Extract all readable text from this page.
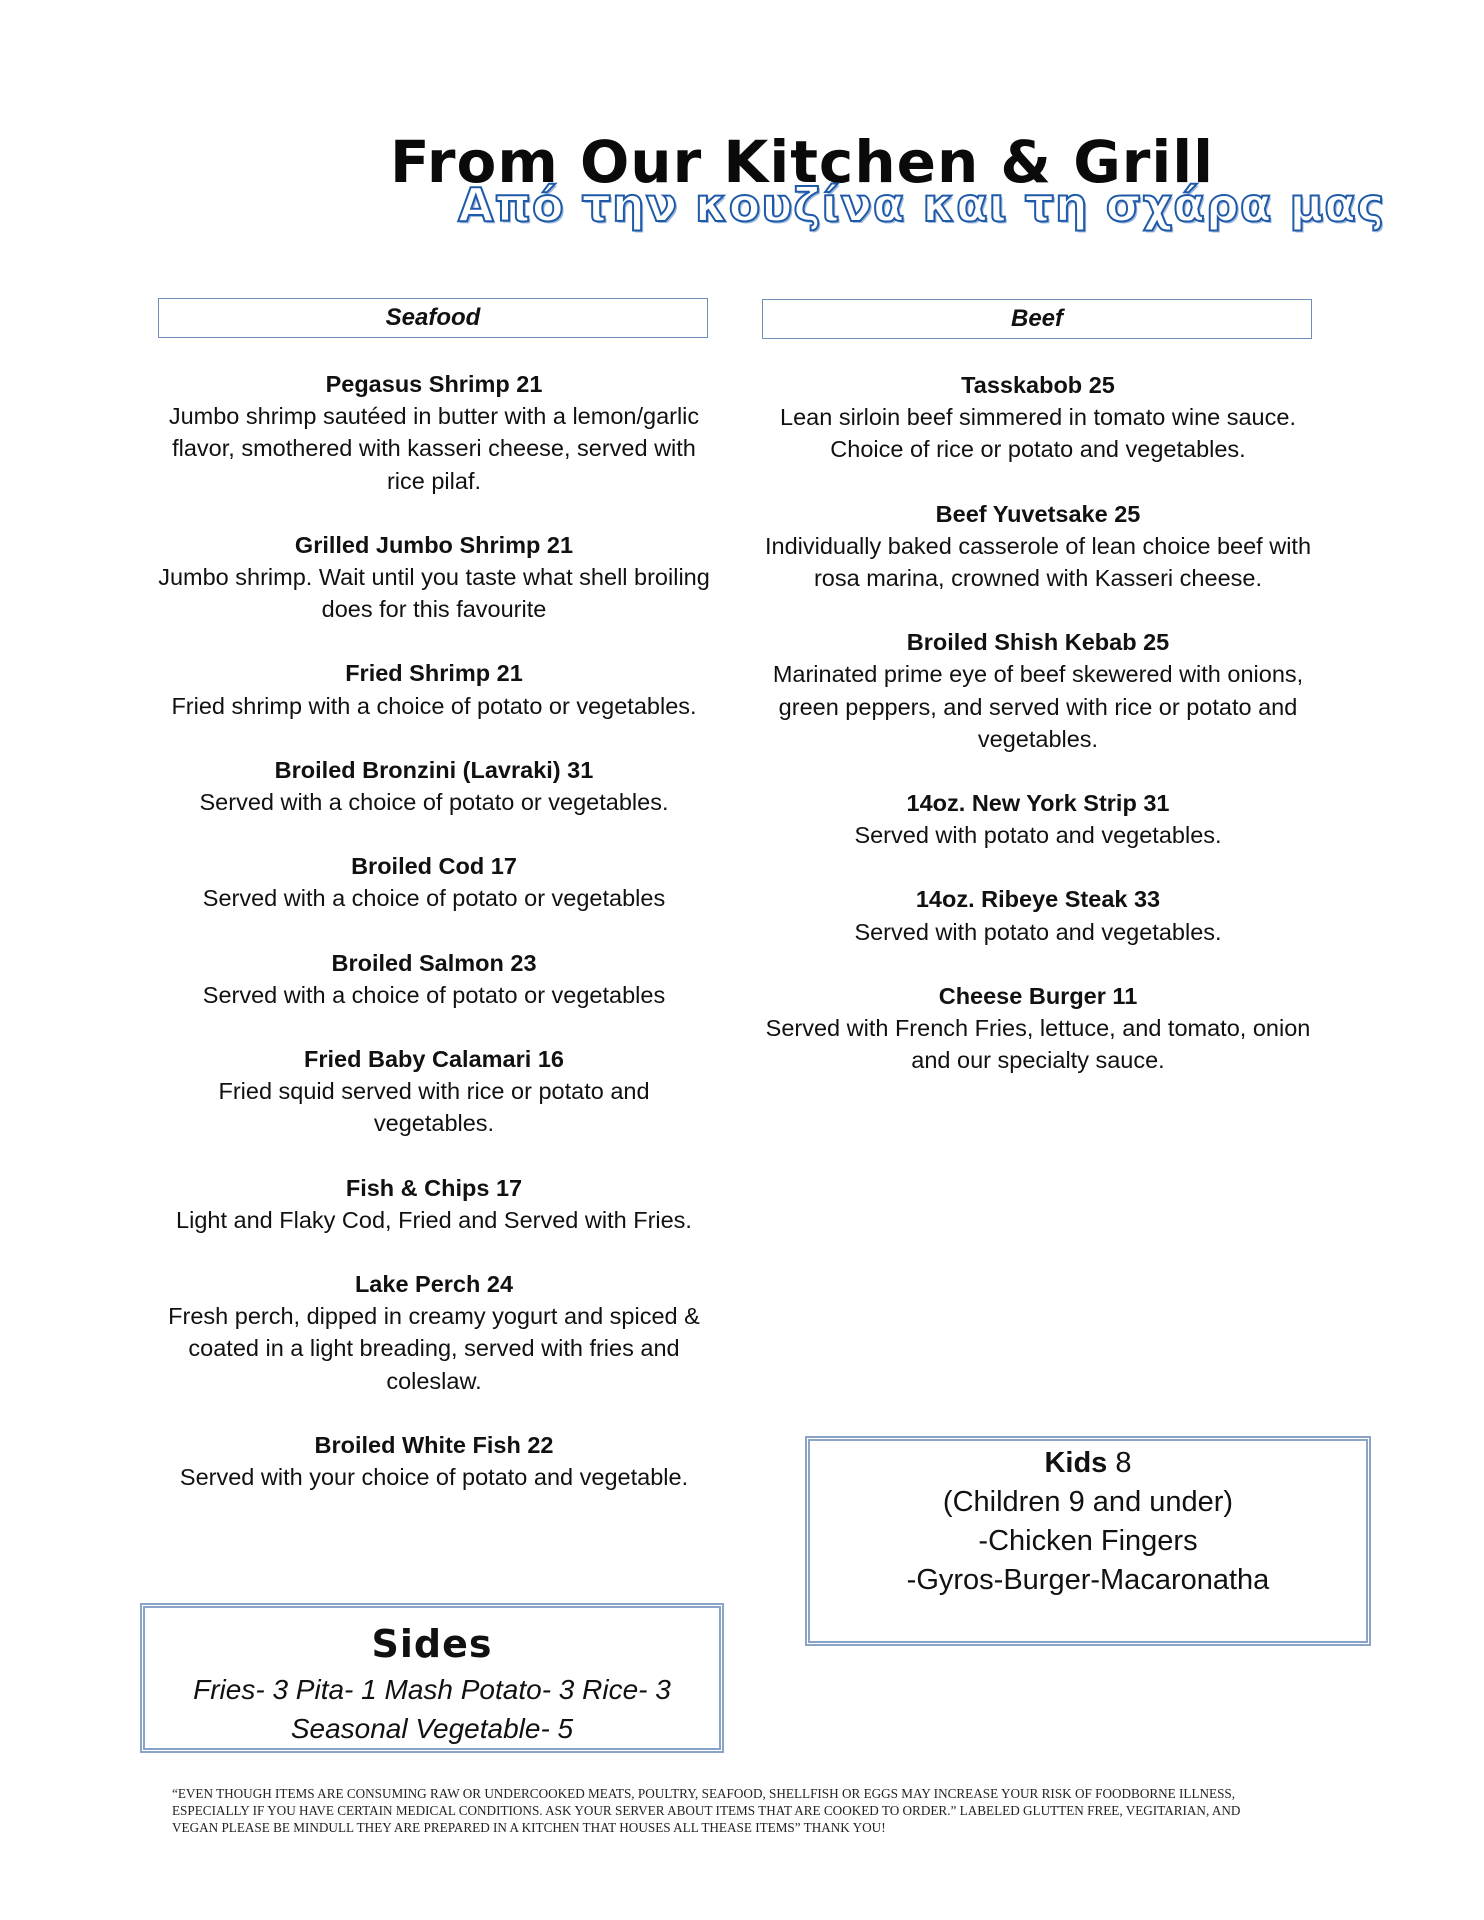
From Our Kitchen & Grill
Από την κουζίνα και τη σχάρα μας
Seafood
Pegasus Shrimp 21
Jumbo shrimp sautéed in butter with a lemon/garlic flavor, smothered with kasseri cheese, served with rice pilaf.
Grilled Jumbo Shrimp 21
Jumbo shrimp. Wait until you taste what shell broiling does for this favourite
Fried Shrimp 21
Fried shrimp with a choice of potato or vegetables.
Broiled Bronzini (Lavraki) 31
Served with a choice of potato or vegetables.
Broiled Cod 17
Served with a choice of potato or vegetables
Broiled Salmon 23
Served with a choice of potato or vegetables
Fried Baby Calamari 16
Fried squid served with rice or potato and vegetables.
Fish & Chips 17
Light and Flaky Cod, Fried and Served with Fries.
Lake Perch 24
Fresh perch, dipped in creamy yogurt and spiced & coated in a light breading, served with fries and coleslaw.
Broiled White Fish 22
Served with your choice of potato and vegetable.
Beef
Tasskabob 25
Lean sirloin beef simmered in tomato wine sauce. Choice of rice or potato and vegetables.
Beef Yuvetsake 25
Individually baked casserole of lean choice beef with rosa marina, crowned with Kasseri cheese.
Broiled Shish Kebab 25
Marinated prime eye of beef skewered with onions, green peppers, and served with rice or potato and vegetables.
14oz. New York Strip 31
Served with potato and vegetables.
14oz. Ribeye Steak 33
Served with potato and vegetables.
Cheese Burger 11
Served with French Fries, lettuce, and tomato, onion and our specialty sauce.
Kids 8
(Children 9 and under)
-Chicken Fingers
-Gyros-Burger-Macaronatha
Sides
Fries- 3 Pita- 1 Mash Potato- 3 Rice- 3
Seasonal Vegetable- 5
“EVEN THOUGH ITEMS ARE CONSUMING RAW OR UNDERCOOKED MEATS, POULTRY, SEAFOOD, SHELLFISH OR EGGS MAY INCREASE YOUR RISK OF FOODBORNE ILLNESS, ESPECIALLY IF YOU HAVE CERTAIN MEDICAL CONDITIONS. ASK YOUR SERVER ABOUT ITEMS THAT ARE COOKED TO ORDER.” LABELED GLUTTEN FREE, VEGITARIAN, AND VEGAN PLEASE BE MINDULL THEY ARE PREPARED IN A KITCHEN THAT HOUSES ALL THEASE ITEMS” THANK YOU!
